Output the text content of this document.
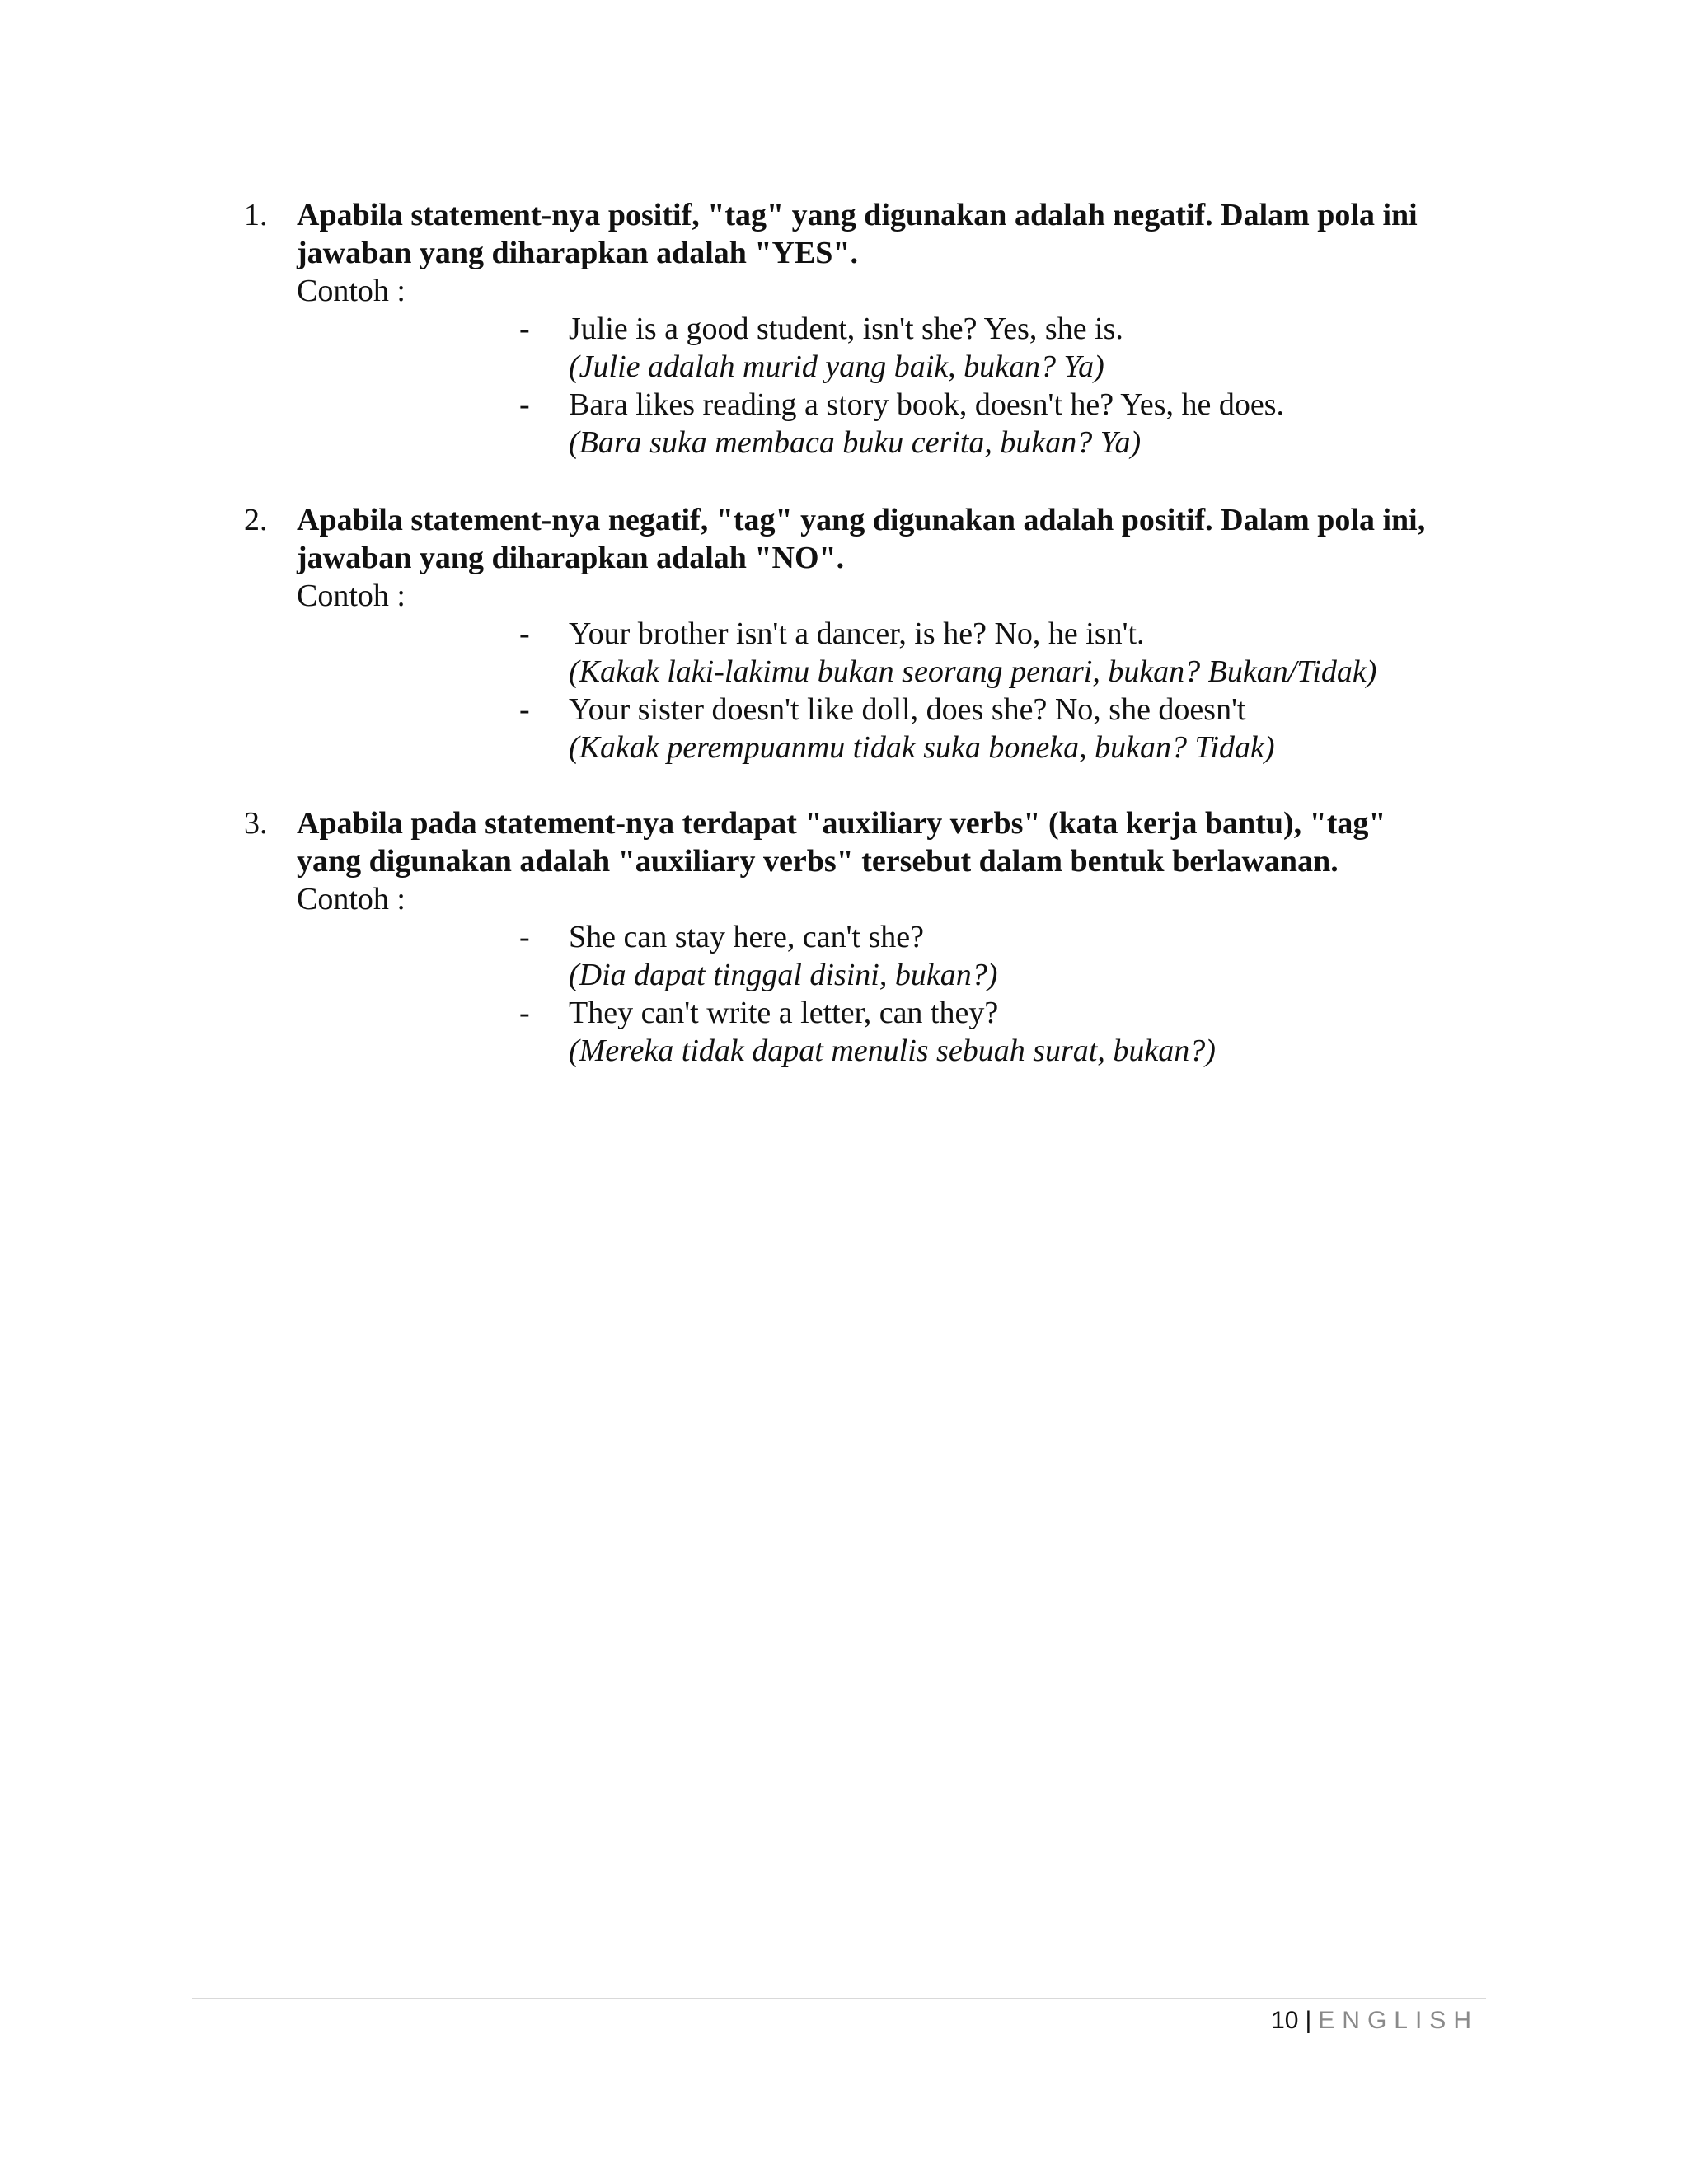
1. Apabila statement-nya positif, "tag" yang digunakan adalah negatif. Dalam pola ini
jawaban yang diharapkan adalah "YES".
Contoh :
- Julie is a good student, isn't she? Yes, she is.
(Julie adalah murid yang baik, bukan? Ya)
- Bara likes reading a story book, doesn't he? Yes, he does.
(Bara suka membaca buku cerita, bukan? Ya)
2. Apabila statement-nya negatif, "tag" yang digunakan adalah positif. Dalam pola ini,
jawaban yang diharapkan adalah "NO".
Contoh :
- Your brother isn't a dancer, is he? No, he isn't.
(Kakak laki-lakimu bukan seorang penari, bukan? Bukan/Tidak)
- Your sister doesn't like doll, does she? No, she doesn't
(Kakak perempuanmu tidak suka boneka, bukan? Tidak)
3. Apabila pada statement-nya terdapat "auxiliary verbs" (kata kerja bantu), "tag"
yang digunakan adalah "auxiliary verbs" tersebut dalam bentuk berlawanan.
Contoh :
- She can stay here, can't she?
(Dia dapat tinggal disini, bukan?)
- They can't write a letter, can they?
(Mereka tidak dapat menulis sebuah surat, bukan?)
10 | ENGLISH
